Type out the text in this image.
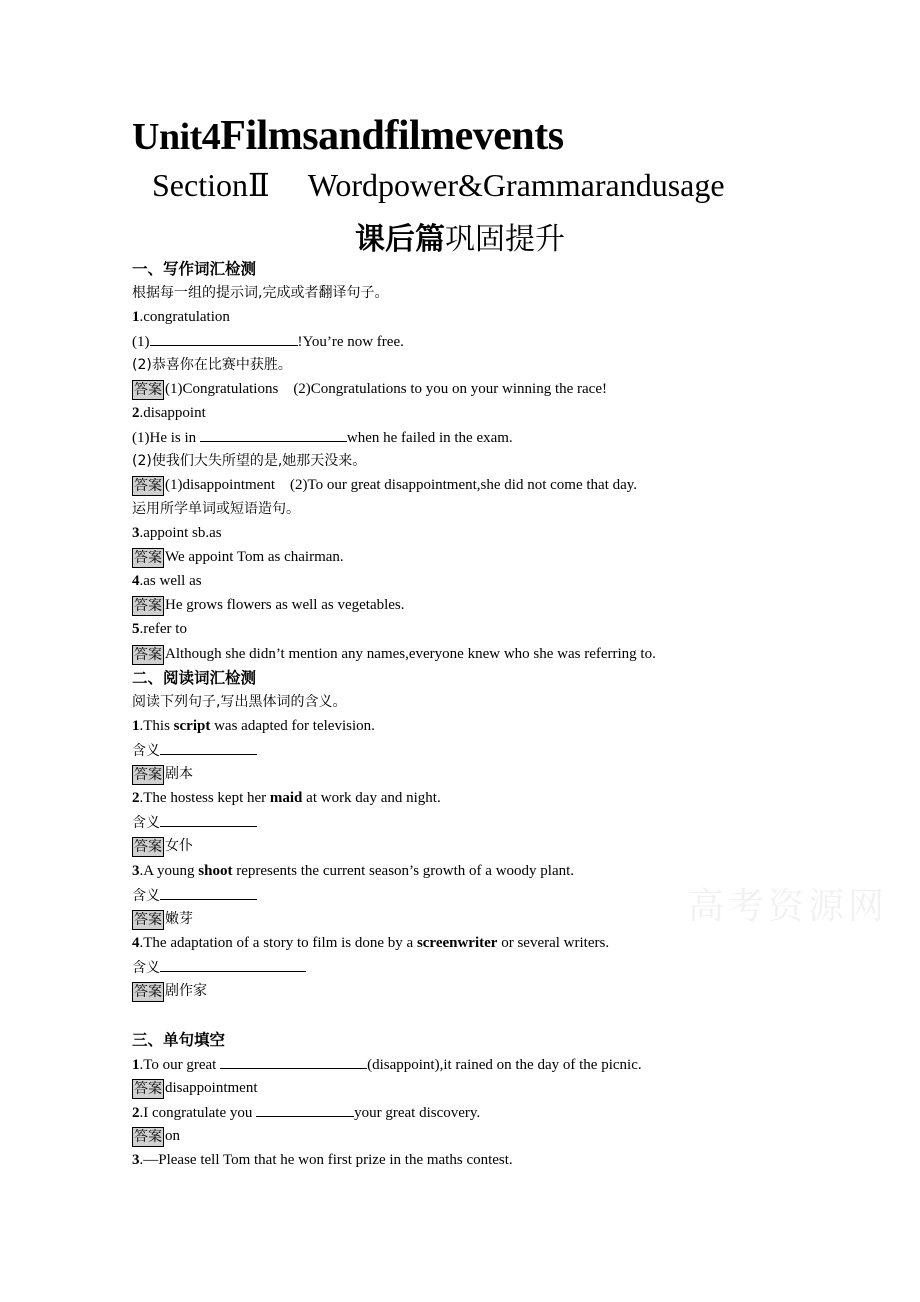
Unit4Filmsandfilmevents
SectionⅡ Wordpower&Grammarandusage
课后篇巩固提升
一、写作词汇检测
根据每一组的提示词,完成或者翻译句子。
1.congratulation
(1)	!You’re now free.
(2)恭喜你在比赛中获胜。
答案 (1)Congratulations    (2)Congratulations to you on your winning the race!
2.disappoint
(1)He is in	when he failed in the exam.
(2)使我们大失所望的是,她那天没来。
答案 (1)disappointment    (2)To our great disappointment,she did not come that day.
运用所学单词或短语造句。
3.appoint sb.as
答案 We appoint Tom as chairman.
4.as well as
答案 He grows flowers as well as vegetables.
5.refer to
答案 Although she didn’t mention any names,everyone knew who she was referring to.
二、阅读词汇检测
阅读下列句子,写出黑体词的含义。
1.This script was adapted for television.
含义
答案 剧本
2.The hostess kept her maid at work day and night.
含义
答案 女仆
3.A young shoot represents the current season’s growth of a woody plant.
含义
答案 嫩芽
4.The adaptation of a story to film is done by a screenwriter or several writers.
含义
答案 剧作家
三、单句填空
1.To our great	(disappoint),it rained on the day of the picnic.
答案 disappointment
2.I congratulate you	your great discovery.
答案 on
3.—Please tell Tom that he won first prize in the maths contest.
高考资源网
